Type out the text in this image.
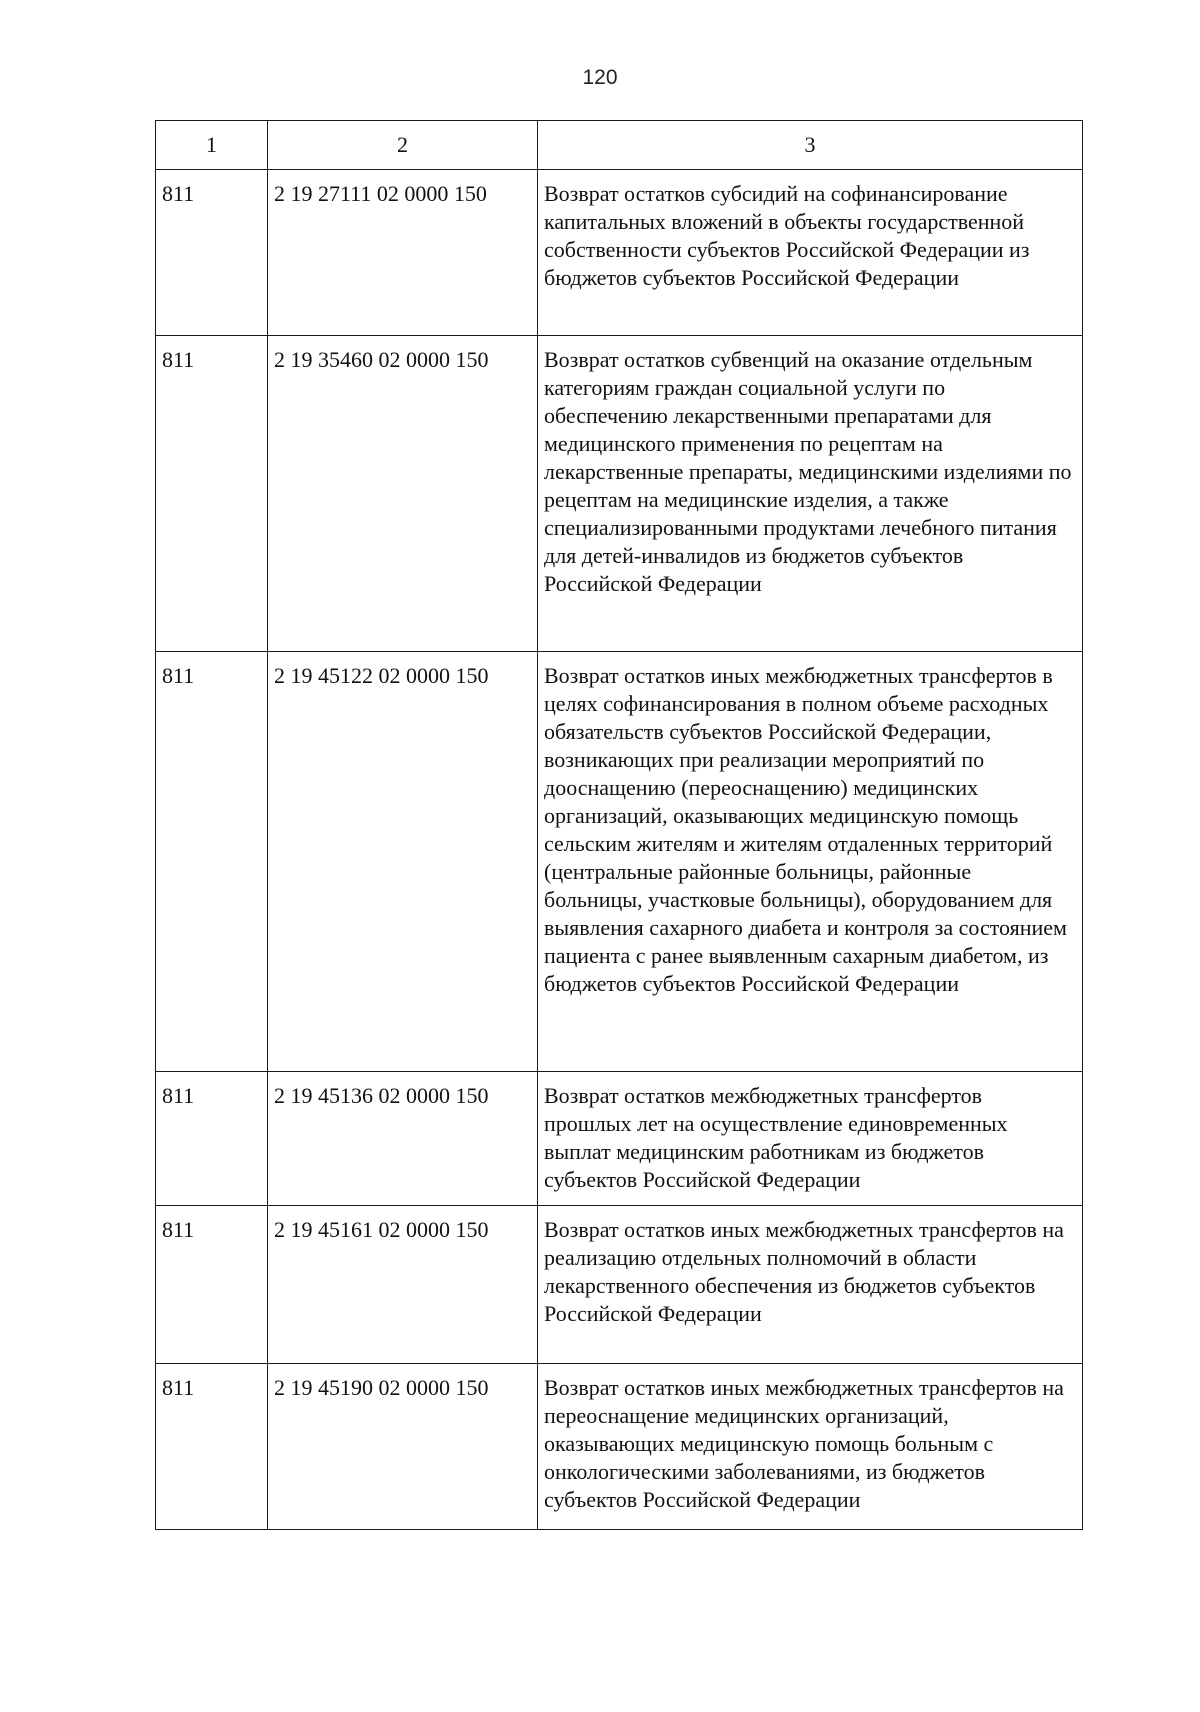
120
1	2	3
811	2 19 27111 02 0000 150	Возврат остатков субсидий на софинансирование капитальных вложений в объекты государственной собственности субъектов Российской Федерации из бюджетов субъектов Российской Федерации
811	2 19 35460 02 0000 150	Возврат остатков субвенций на оказание отдельным категориям граждан социальной услуги по обеспечению лекарственными препаратами для медицинского применения по рецептам на лекарственные препараты, медицинскими изделиями по рецептам на медицинские изделия, а также специализированными продуктами лечебного питания для детей-инвалидов из бюджетов субъектов Российской Федерации
811	2 19 45122 02 0000 150	Возврат остатков иных межбюджетных трансфертов в целях софинансирования в полном объеме расходных обязательств субъектов Российской Федерации, возникающих при реализации мероприятий по дооснащению (переоснащению) медицинских организаций, оказывающих медицинскую помощь сельским жителям и жителям отдаленных территорий (центральные районные больницы, районные больницы, участковые больницы), оборудованием для выявления сахарного диабета и контроля за состоянием пациента с ранее выявленным сахарным диабетом, из бюджетов субъектов Российской Федерации
811	2 19 45136 02 0000 150	Возврат остатков межбюджетных трансфертов прошлых лет на осуществление единовременных выплат медицинским работникам из бюджетов субъектов Российской Федерации
811	2 19 45161 02 0000 150	Возврат остатков иных межбюджетных трансфертов на реализацию отдельных полномочий в области лекарственного обеспечения из бюджетов субъектов Российской Федерации
811	2 19 45190 02 0000 150	Возврат остатков иных межбюджетных трансфертов на переоснащение медицинских организаций, оказывающих медицинскую помощь больным с онкологическими заболеваниями, из бюджетов субъектов Российской Федерации
